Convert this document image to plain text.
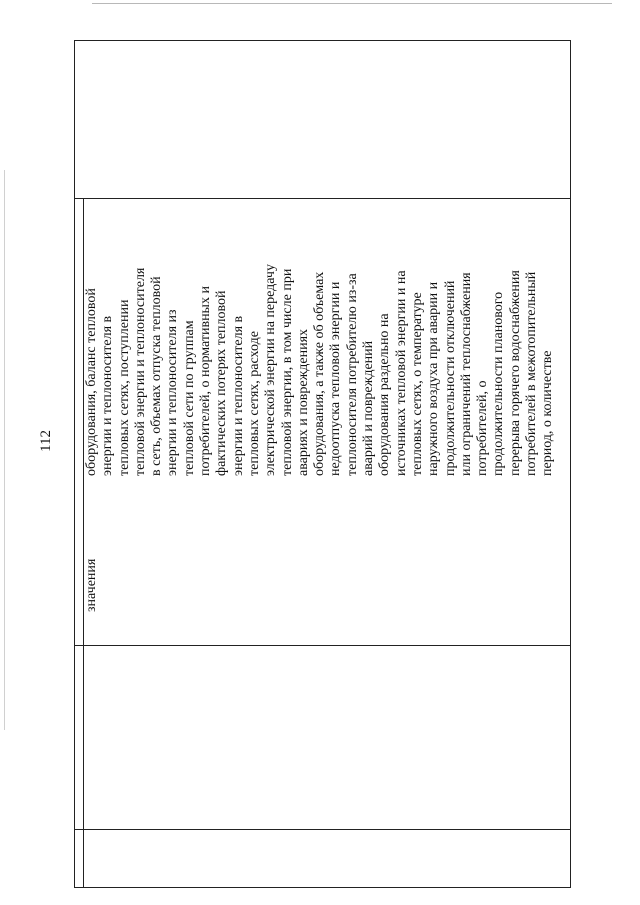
112
значения
оборудования, баланс тепловой
энергии и теплоносителя в
тепловых сетях, поступлении
тепловой энергии и теплоносителя
в сеть, объемах отпуска тепловой
энергии и теплоносителя из
тепловой сети по группам
потребителей, о нормативных и
фактических потерях тепловой
энергии и теплоносителя в
тепловых сетях, расходе
электрической энергии на передачу
тепловой энергии, в том числе при
авариях и повреждениях
оборудования, а также об объемах
недоотпуска тепловой энергии и
теплоносителя потребителю из-за
аварий и повреждений
оборудования раздельно на
источниках тепловой энергии и на
тепловых сетях, о температуре
наружного воздуха при аварии и
продолжительности отключений
или ограничений теплоснабжения
потребителей, о
продолжительности планового
перерыва горячего водоснабжения
потребителей в межотопительный
период, о количестве
